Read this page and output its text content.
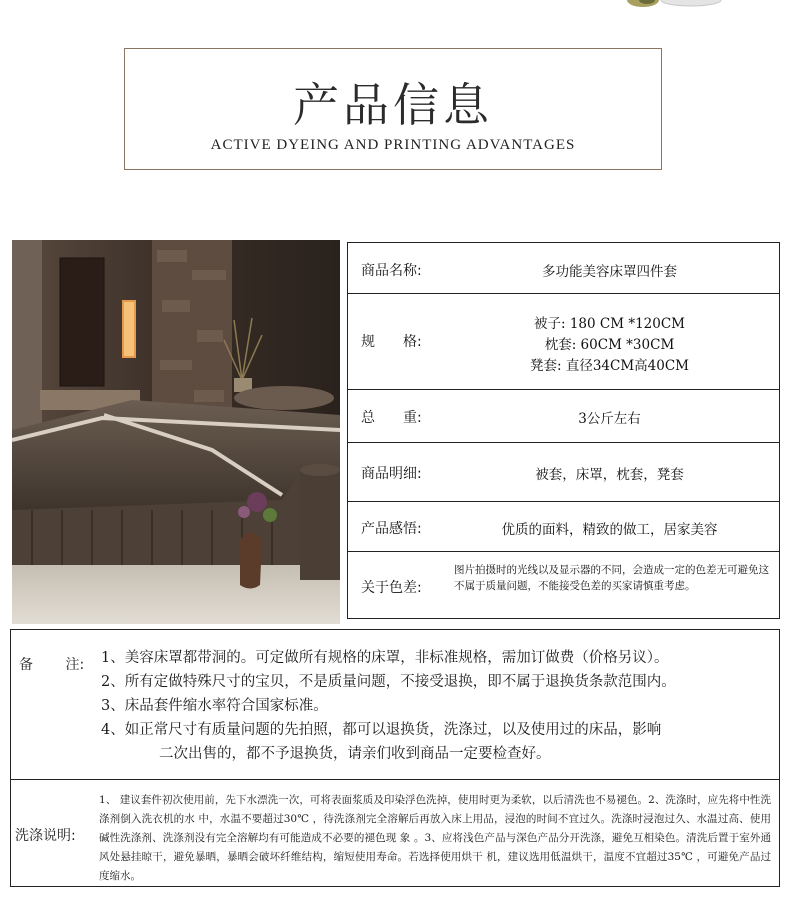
产品信息
ACTIVE DYEING AND PRINTING ADVANTAGES
商品名称:	多功能美容床罩四件套
规　　格:
被子: 180 CM *120CM
枕套: 60CM *30CM
凳套: 直径34CM高40CM
总　　重:	3公斤左右
商品明细:	被套，床罩，枕套，凳套
产品感悟:	优质的面料，精致的做工，居家美容
关于色差:
图片拍摄时的光线以及显示器的不同，会造成一定的色差无可避免这不属于质量问题，不能接受色差的买家请慎重考虑。
备 注: 1、美容床罩都带洞的。可定做所有规格的床罩，非标准规格，需加订做费（价格另议）。
2、所有定做特殊尺寸的宝贝，不是质量问题，不接受退换，即不属于退换货条款范围内。
3、床品套件缩水率符合国家标准。
4、如正常尺寸有质量问题的先拍照，都可以退换货，洗涤过，以及使用过的床品，影响
二次出售的，都不予退换货，请亲们收到商品一定要检查好。
洗涤说明:
1、 建议套件初次使用前，先下水漂洗一次，可将表面浆质及印染浮色洗掉，使用时更为柔软，以后清洗也不易褪色。2、洗涤时，应先将中性洗涤剂倒入洗衣机的水 中，水温不要超过30℃ ，待洗涤剂完全溶解后再放入床上用品，浸泡的时间不宜过久。洗涤时浸泡过久、水温过高、使用碱性洗涤剂、洗涤剂没有完全溶解均有可能造成不必要的褪色现 象 。3、应将浅色产品与深色产品分开洗涤，避免互相染色。清洗后置于室外通风处悬挂晾干，避免暴晒，暴晒会破坏纤维结构，缩短使用寿命。若选择使用烘干 机，建议选用低温烘干，温度不宜超过35℃ ，可避免产品过度缩水。
